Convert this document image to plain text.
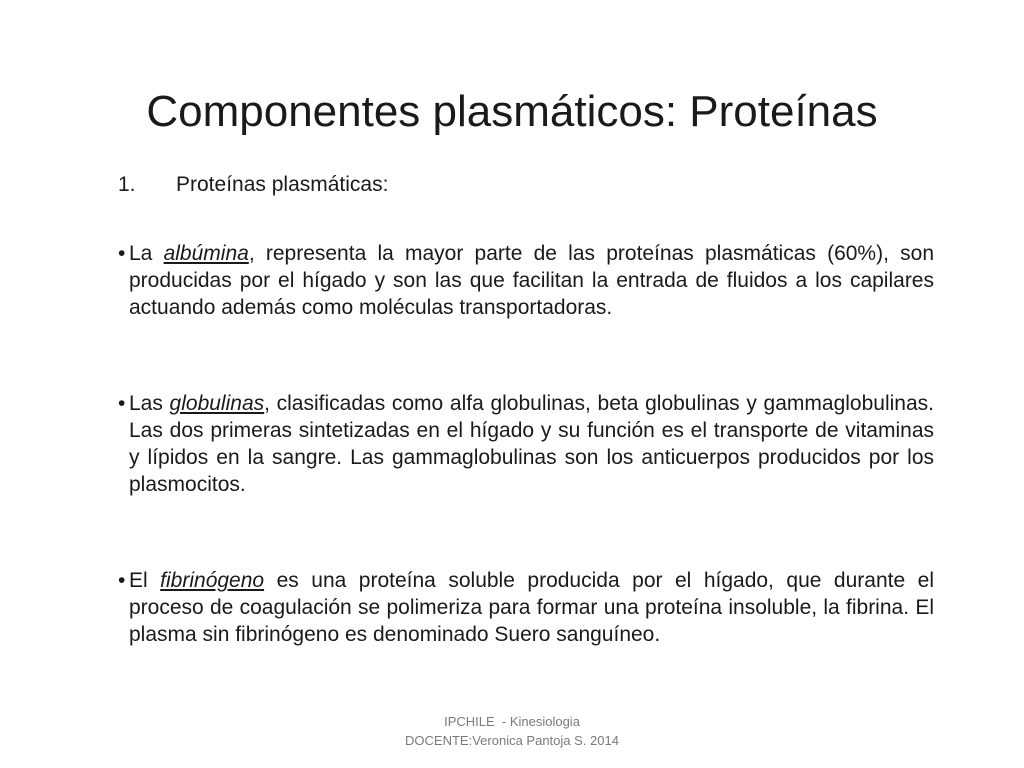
Componentes plasmáticos: Proteínas
1. Proteínas plasmáticas:
• La albúmina, representa la mayor parte de las proteínas plasmáticas (60%), son producidas por el hígado y son las que facilitan la entrada de fluidos a los capilares actuando además como moléculas transportadoras.
• Las globulinas, clasificadas como alfa globulinas, beta globulinas y gammaglobulinas. Las dos primeras sintetizadas en el hígado y su función es el transporte de vitaminas y lípidos en la sangre. Las gammaglobulinas son los anticuerpos producidos por los plasmocitos.
• El fibrinógeno es una proteína soluble producida por el hígado, que durante el proceso de coagulación se polimeriza para formar una proteína insoluble, la fibrina. El plasma sin fibrinógeno es denominado Suero sanguíneo.
IPCHILE  - Kinesiologia
DOCENTE:Veronica Pantoja S. 2014
